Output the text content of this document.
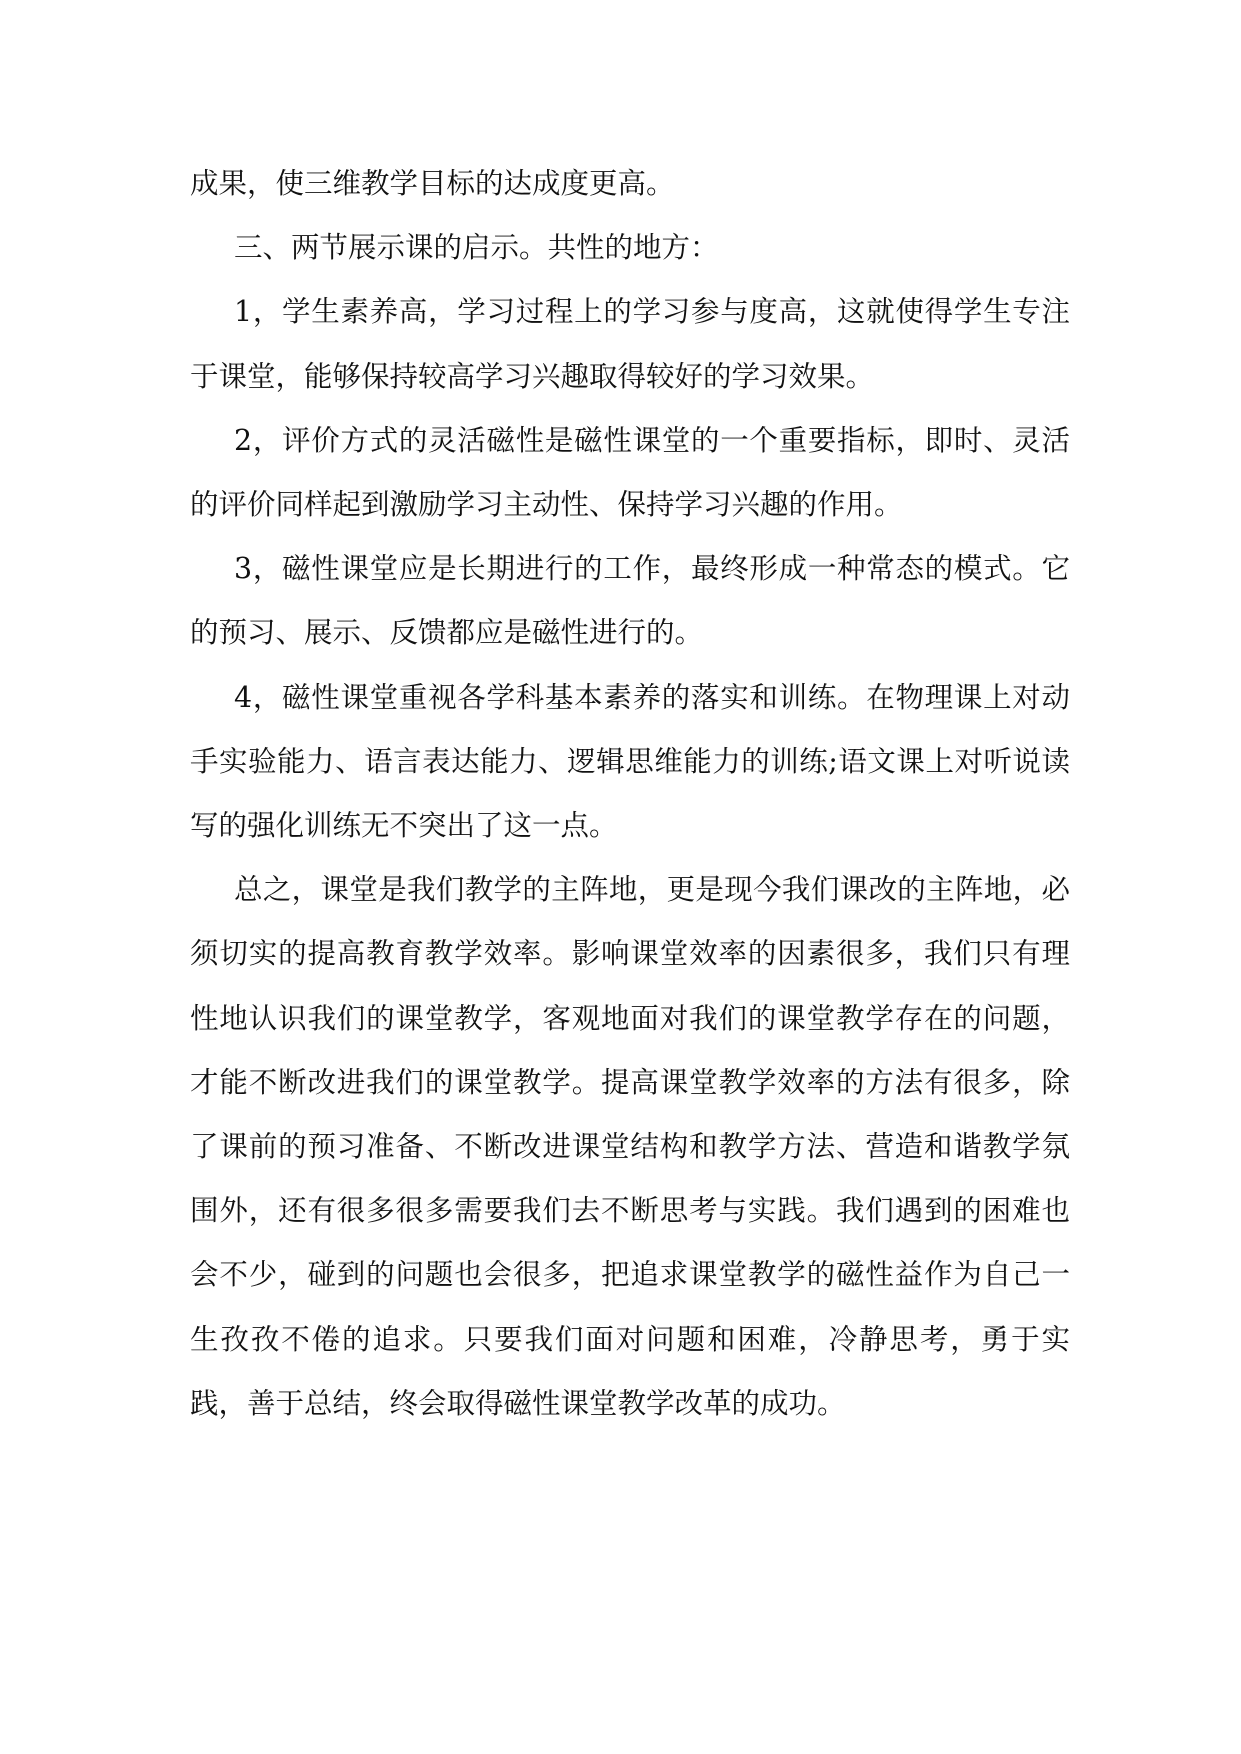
成果，使三维教学目标的达成度更高。

三、两节展示课的启示。共性的地方：

1，学生素养高，学习过程上的学习参与度高，这就使得学生专注于课堂，能够保持较高学习兴趣取得较好的学习效果。

2，评价方式的灵活磁性是磁性课堂的一个重要指标，即时、灵活的评价同样起到激励学习主动性、保持学习兴趣的作用。

3，磁性课堂应是长期进行的工作，最终形成一种常态的模式。它的预习、展示、反馈都应是磁性进行的。

4，磁性课堂重视各学科基本素养的落实和训练。在物理课上对动手实验能力、语言表达能力、逻辑思维能力的训练;语文课上对听说读写的强化训练无不突出了这一点。

总之，课堂是我们教学的主阵地，更是现今我们课改的主阵地，必须切实的提高教育教学效率。影响课堂效率的因素很多，我们只有理性地认识我们的课堂教学，客观地面对我们的课堂教学存在的问题，才能不断改进我们的课堂教学。提高课堂教学效率的方法有很多，除了课前的预习准备、不断改进课堂结构和教学方法、营造和谐教学氛围外，还有很多很多需要我们去不断思考与实践。我们遇到的困难也会不少，碰到的问题也会很多，把追求课堂教学的磁性益作为自己一生孜孜不倦的追求。只要我们面对问题和困难，冷静思考，勇于实践，善于总结，终会取得磁性课堂教学改革的成功。
